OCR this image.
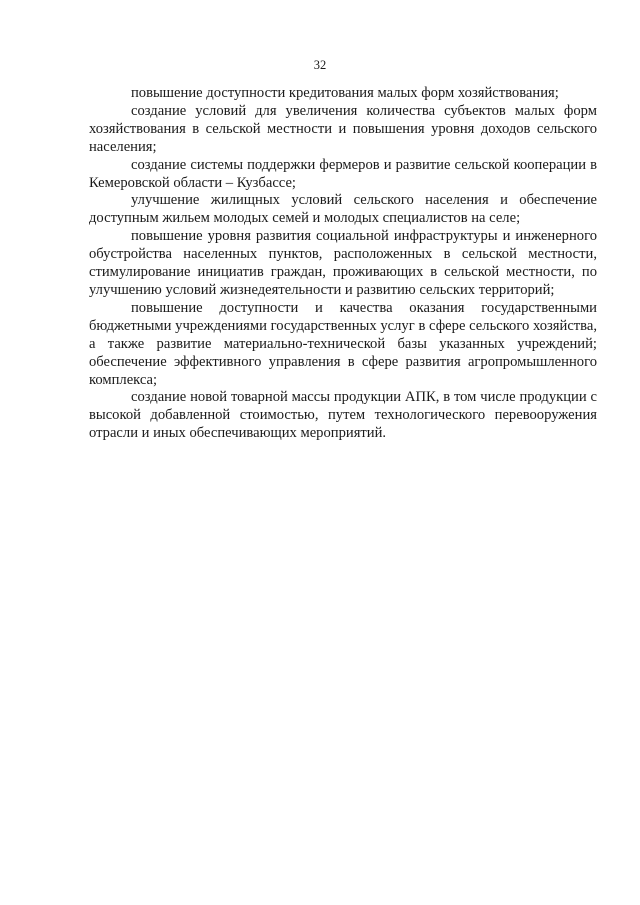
32

повышение доступности кредитования малых форм хозяйствования;

создание условий для увеличения количества субъектов малых форм хозяйствования в сельской местности и повышения уровня доходов сельского населения;

создание системы поддержки фермеров и развитие сельской кооперации в Кемеровской области – Кузбассе;

улучшение жилищных условий сельского населения и обеспечение доступным жильем молодых семей и молодых специалистов на селе;

повышение уровня развития социальной инфраструктуры и инженерного обустройства населенных пунктов, расположенных в сельской местности, стимулирование инициатив граждан, проживающих в сельской местности, по улучшению условий жизнедеятельности и развитию сельских территорий;

повышение доступности и качества оказания государственными бюджетными учреждениями государственных услуг в сфере сельского хозяйства, а также развитие материально-технической базы указанных учреждений; обеспечение эффективного управления в сфере развития агропромышленного комплекса;

создание новой товарной массы продукции АПК, в том числе продукции с высокой добавленной стоимостью, путем технологического перевооружения отрасли и иных обеспечивающих мероприятий.
